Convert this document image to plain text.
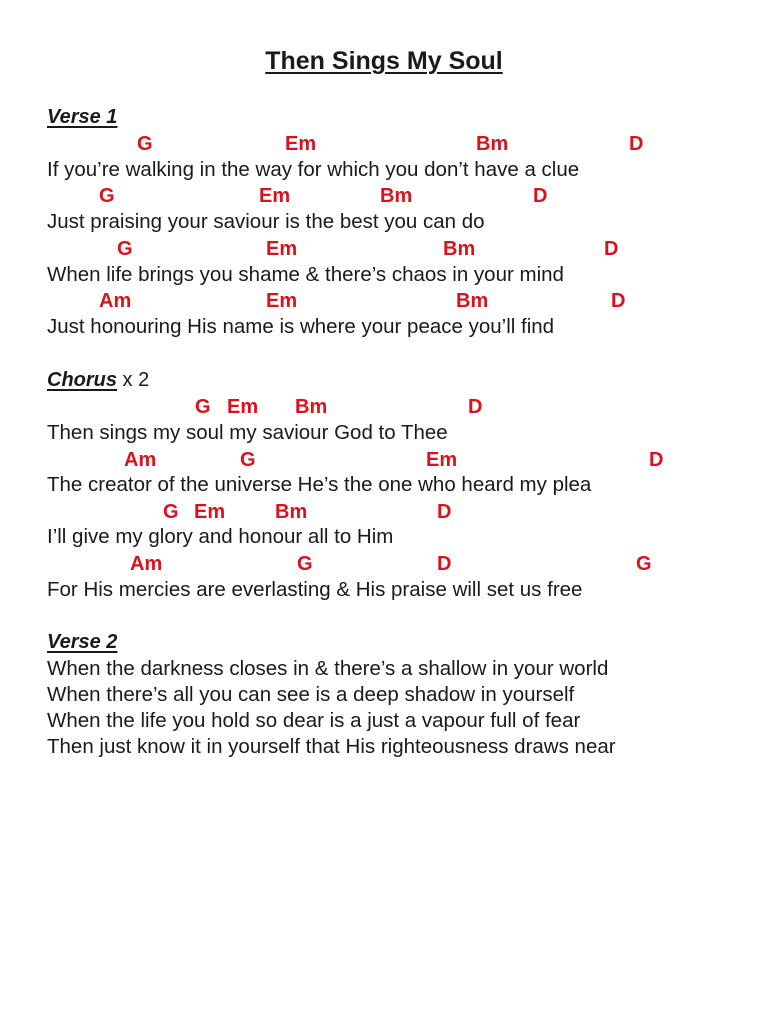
Then Sings My Soul
Verse 1
G	Em	Bm	D
If you’re walking in the way for which you don’t have a clue
G	Em	Bm	D
Just praising your saviour is the best you can do
G	Em	Bm	D
When life brings you shame & there’s chaos in your mind
Am	Em	Bm	D
Just honouring His name is where your peace you’ll find
Chorus x 2
G Em Bm	D
Then sings my soul my saviour God to Thee
Am	G	Em	D
The creator of the universe He’s the one who heard my plea
G Em Bm	D
I’ll give my glory and honour all to Him
Am	G	D	G
For His mercies are everlasting & His praise will set us free
Verse 2
When the darkness closes in & there’s a shallow in your world
When there’s all you can see is a deep shadow in yourself
When the life you hold so dear is a just a vapour full of fear
Then just know it in yourself that His righteousness draws near
